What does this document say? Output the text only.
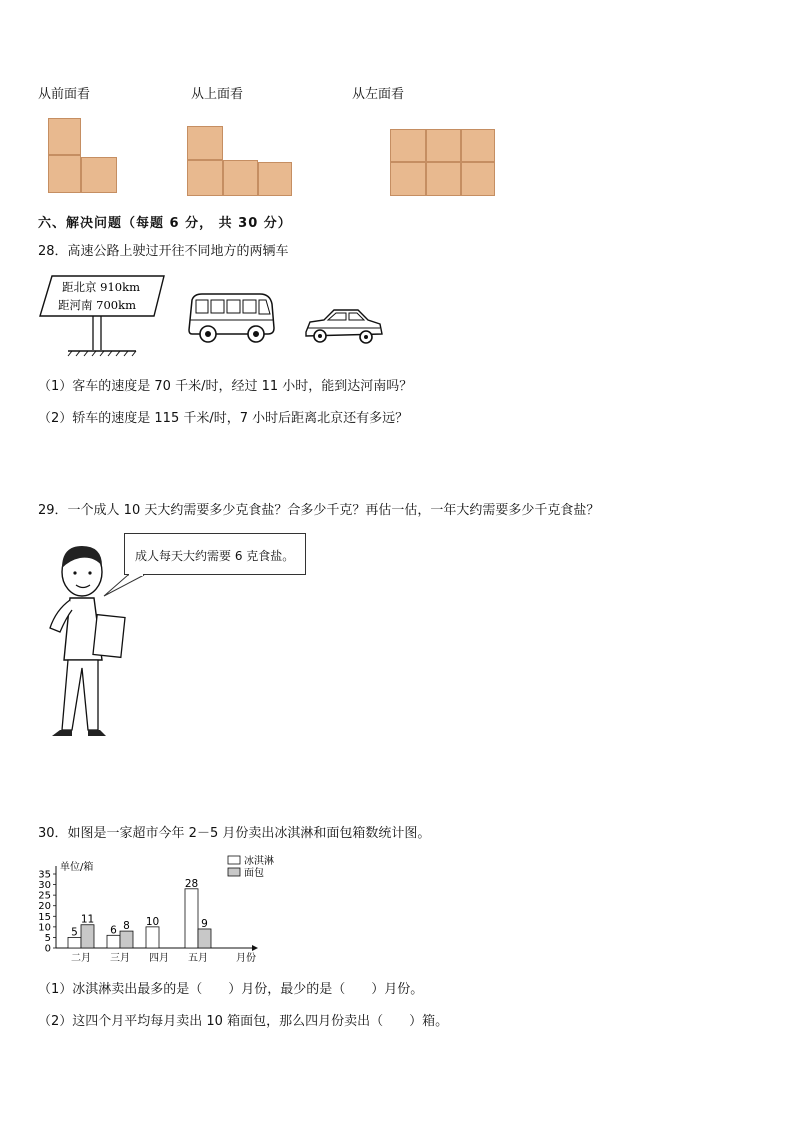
从前面看	从上面看	从左面看
六、解决问题（每题 6 分， 共 30 分）
28．高速公路上驶过开往不同地方的两辆车
距北京 910km
距河南 700km
（1）客车的速度是 70 千米/时，经过 11 小时，能到达河南吗？
（2）轿车的速度是 115 千米/时，7 小时后距离北京还有多远？
29．一个成人 10 天大约需要多少克食盐？合多少千克？再估一估，一年大约需要多少千克食盐？
成人每天大约需要 6 克食盐。
30．如图是一家超市今年 2－5 月份卖出冰淇淋和面包箱数统计图。
0
5
10
15
20
25
30
35
单位/箱
5
11
二月
6 8
三月
10
四月
28
9
五月	月份
冰淇淋
面包
（1）冰淇淋卖出最多的是（　　）月份，最少的是（　　）月份。
（2）这四个月平均每月卖出 10 箱面包，那么四月份卖出（　　）箱。
